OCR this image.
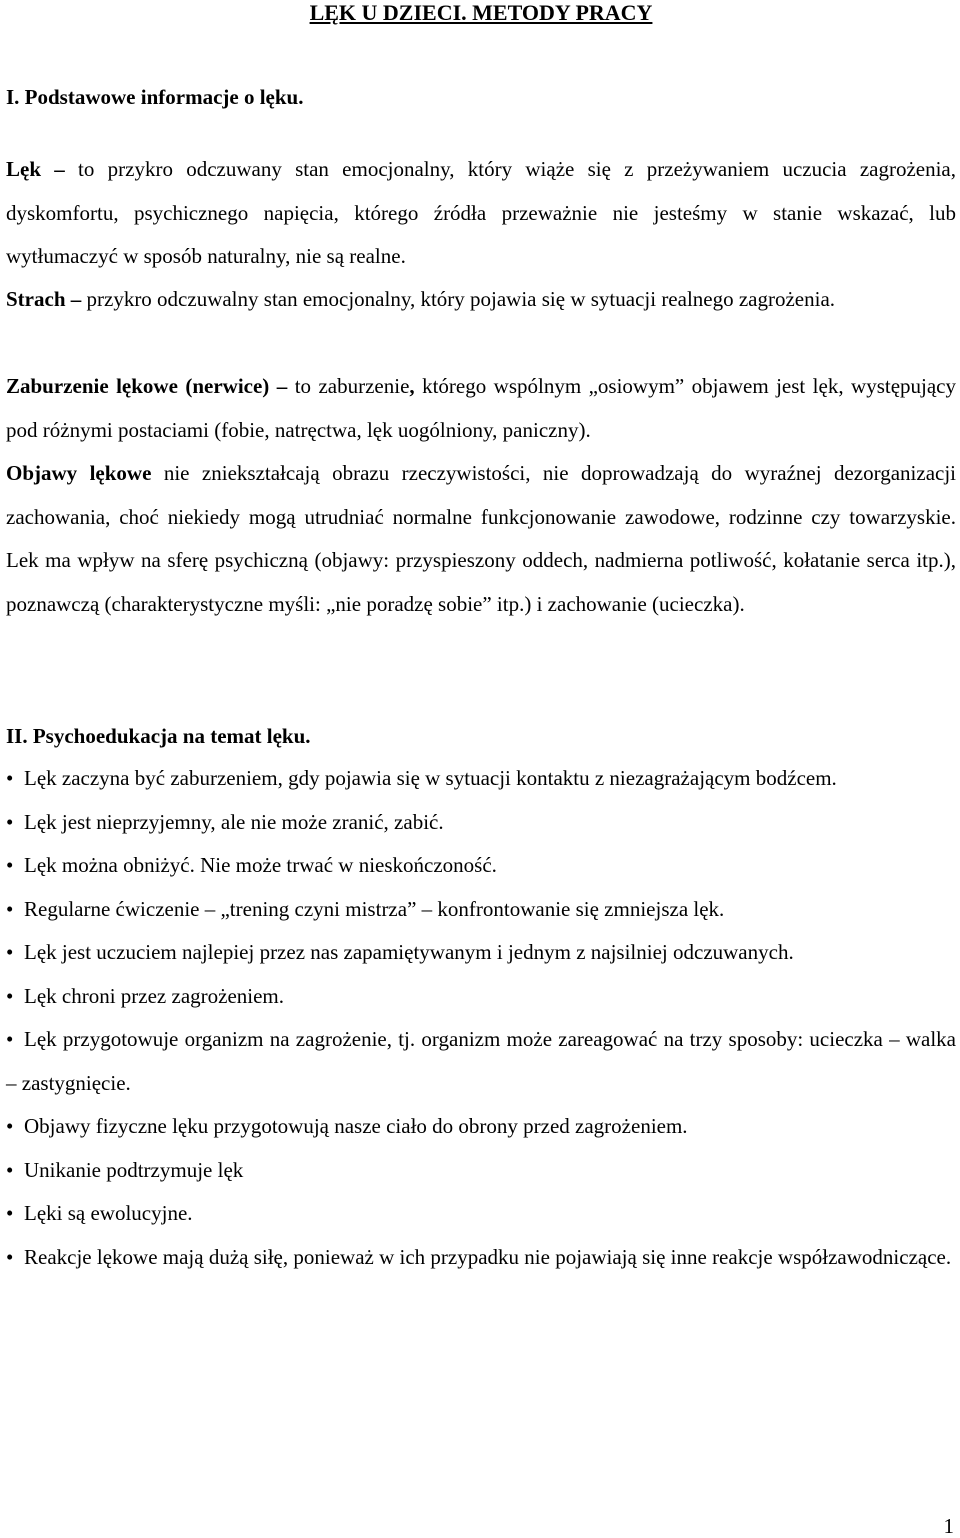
LĘK U DZIECI. METODY PRACY
I. Podstawowe informacje o lęku.

Lęk – to przykro odczuwany stan emocjonalny, który wiąże się z przeżywaniem uczucia zagrożenia, dyskomfortu, psychicznego napięcia, którego źródła przeważnie nie jesteśmy w stanie wskazać, lub wytłumaczyć w sposób naturalny, nie są realne.

Strach – przykro odczuwalny stan emocjonalny, który pojawia się w sytuacji realnego zagrożenia.

Zaburzenie lękowe (nerwice) – to zaburzenie, którego wspólnym „osiowym” objawem jest lęk, występujący pod różnymi postaciami (fobie, natręctwa, lęk uogólniony, paniczny).

Objawy lękowe nie zniekształcają obrazu rzeczywistości, nie doprowadzają do wyraźnej dezorganizacji zachowania, choć niekiedy mogą utrudniać normalne funkcjonowanie zawodowe, rodzinne czy towarzyskie. Lek ma wpływ na sferę psychiczną (objawy: przyspieszony oddech, nadmierna potliwość, kołatanie serca itp.), poznawczą (charakterystyczne myśli: „nie poradzę sobie” itp.) i zachowanie (ucieczka).

II. Psychoedukacja na temat lęku.
• Lęk zaczyna być zaburzeniem, gdy pojawia się w sytuacji kontaktu z niezagrażającym bodźcem.
• Lęk jest nieprzyjemny, ale nie może zranić, zabić.
• Lęk można obniżyć. Nie może trwać w nieskończoność.
• Regularne ćwiczenie – „trening czyni mistrza” – konfrontowanie się zmniejsza lęk.
• Lęk jest uczuciem najlepiej przez nas zapamiętywanym i jednym z najsilniej odczuwanych.
• Lęk chroni przez zagrożeniem.
• Lęk przygotowuje organizm na zagrożenie, tj. organizm może zareagować na trzy sposoby: ucieczka – walka – zastygnięcie.
• Objawy fizyczne lęku przygotowują nasze ciało do obrony przed zagrożeniem.
• Unikanie podtrzymuje lęk
• Lęki są ewolucyjne.
• Reakcje lękowe mają dużą siłę, ponieważ w ich przypadku nie pojawiają się inne reakcje współzawodniczące.
1
